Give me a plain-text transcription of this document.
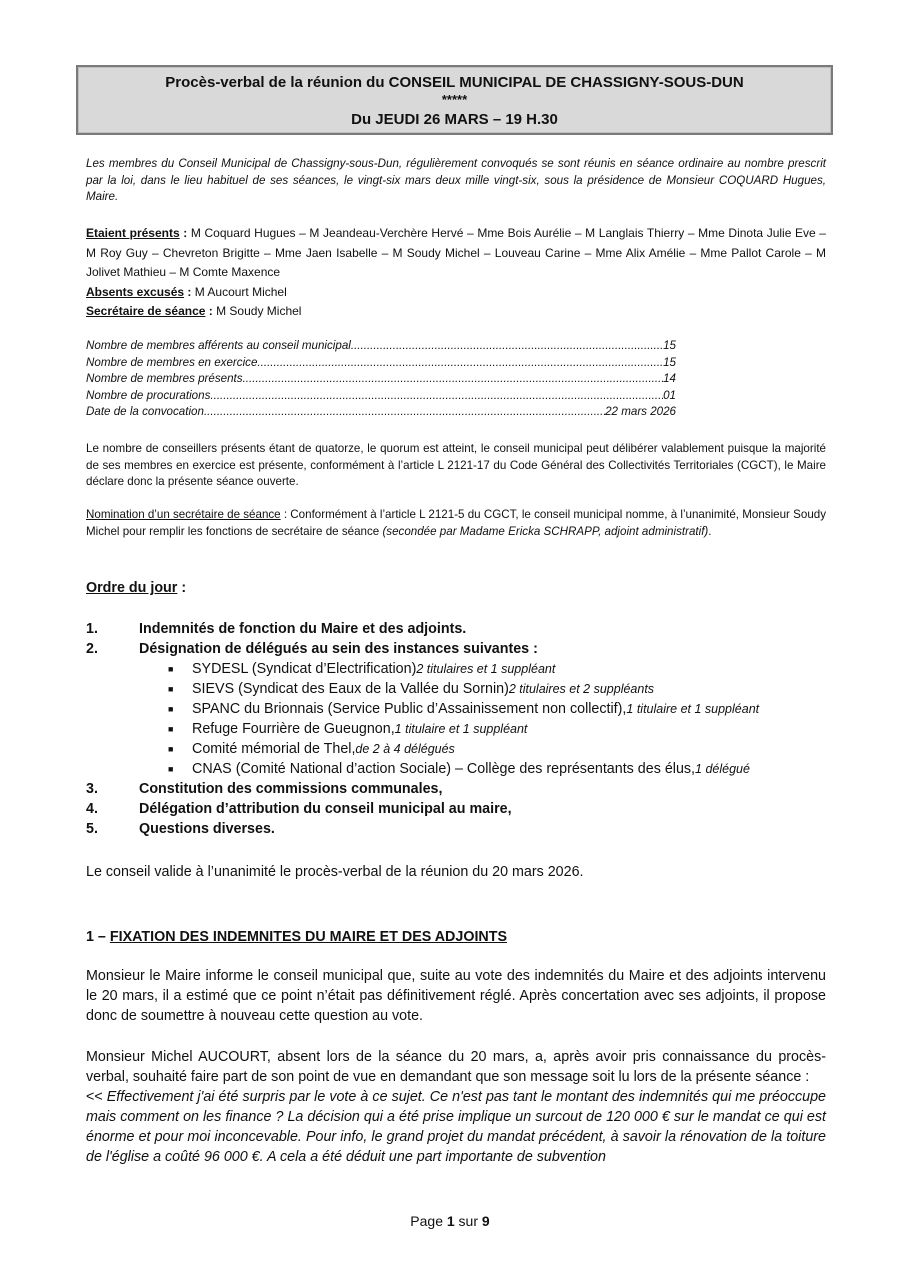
Procès-verbal de la réunion du CONSEIL MUNICIPAL DE CHASSIGNY-SOUS-DUN
*****
Du JEUDI 26 MARS – 19 H.30
Les membres du Conseil Municipal de Chassigny-sous-Dun, régulièrement convoqués se sont réunis en séance ordinaire au nombre prescrit par la loi, dans le lieu habituel de ses séances, le vingt-six mars deux mille vingt-six, sous la présidence de Monsieur COQUARD Hugues, Maire.
Etaient présents : M Coquard Hugues – M Jeandeau-Verchère Hervé – Mme Bois Aurélie – M Langlais Thierry – Mme Dinota Julie Eve – M Roy Guy – Chevreton Brigitte – Mme Jaen Isabelle – M Soudy Michel – Louveau Carine – Mme Alix Amélie – Mme Pallot Carole – M Jolivet Mathieu – M Comte Maxence
Absents excusés : M Aucourt Michel
Secrétaire de séance : M Soudy Michel
Nombre de membres afférents au conseil municipal .....	15
Nombre de membres en exercice .....	15
Nombre de membres présents .....	14
Nombre de procurations .....	01
Date de la convocation .....	22 mars 2026
Le nombre de conseillers présents étant de quatorze, le quorum est atteint, le conseil municipal peut délibérer valablement puisque la majorité de ses membres en exercice est présente, conformément à l’article L 2121-17 du Code Général des Collectivités Territoriales (CGCT), le Maire déclare donc la présente séance ouverte.
Nomination d’un secrétaire de séance : Conformément à l’article L 2121-5 du CGCT, le conseil municipal nomme, à l’unanimité, Monsieur Soudy Michel pour remplir les fonctions de secrétaire de séance (secondée par Madame Ericka SCHRAPP, adjoint administratif).
Ordre du jour :
1.	Indemnités de fonction du Maire et des adjoints.
2.	Désignation de délégués au sein des instances suivantes :
■	SYDESL (Syndicat d’Electrification) 2 titulaires et 1 suppléant
■	SIEVS (Syndicat des Eaux de la Vallée du Sornin) 2 titulaires et 2 suppléants
■	SPANC du Brionnais (Service Public d’Assainissement non collectif), 1 titulaire et 1 suppléant
■	Refuge Fourrière de Gueugnon, 1 titulaire et 1 suppléant
■	Comité mémorial de Thel, de 2 à 4 délégués
■	CNAS (Comité National d’action Sociale) – Collège des représentants des élus, 1 délégué
3.	Constitution des commissions communales,
4.	Délégation d’attribution du conseil municipal au maire,
5.	Questions diverses.
Le conseil valide à l’unanimité le procès-verbal de la réunion du 20 mars 2026.
1 – FIXATION DES INDEMNITES DU MAIRE ET DES ADJOINTS
Monsieur le Maire informe le conseil municipal que, suite au vote des indemnités du Maire et des adjoints intervenu le 20 mars, il a estimé que ce point n’était pas définitivement réglé. Après concertation avec ses adjoints, il propose donc de soumettre à nouveau cette question au vote.
Monsieur Michel AUCOURT, absent lors de la séance du 20 mars, a, après avoir pris connaissance du procès-verbal, souhaité faire part de son point de vue en demandant que son message soit lu lors de la présente séance :
<< Effectivement j'ai été surpris par le vote à ce sujet. Ce n'est pas tant le montant des indemnités qui me préoccupe mais comment on les finance ? La décision qui a été prise implique un surcout de 120 000 € sur le mandat ce qui est énorme et pour moi inconcevable. Pour info, le grand projet du mandat précédent, à savoir la rénovation de la toiture de l'église a coûté 96 000 €. A cela a été déduit une part importante de subvention
Page 1 sur 9
